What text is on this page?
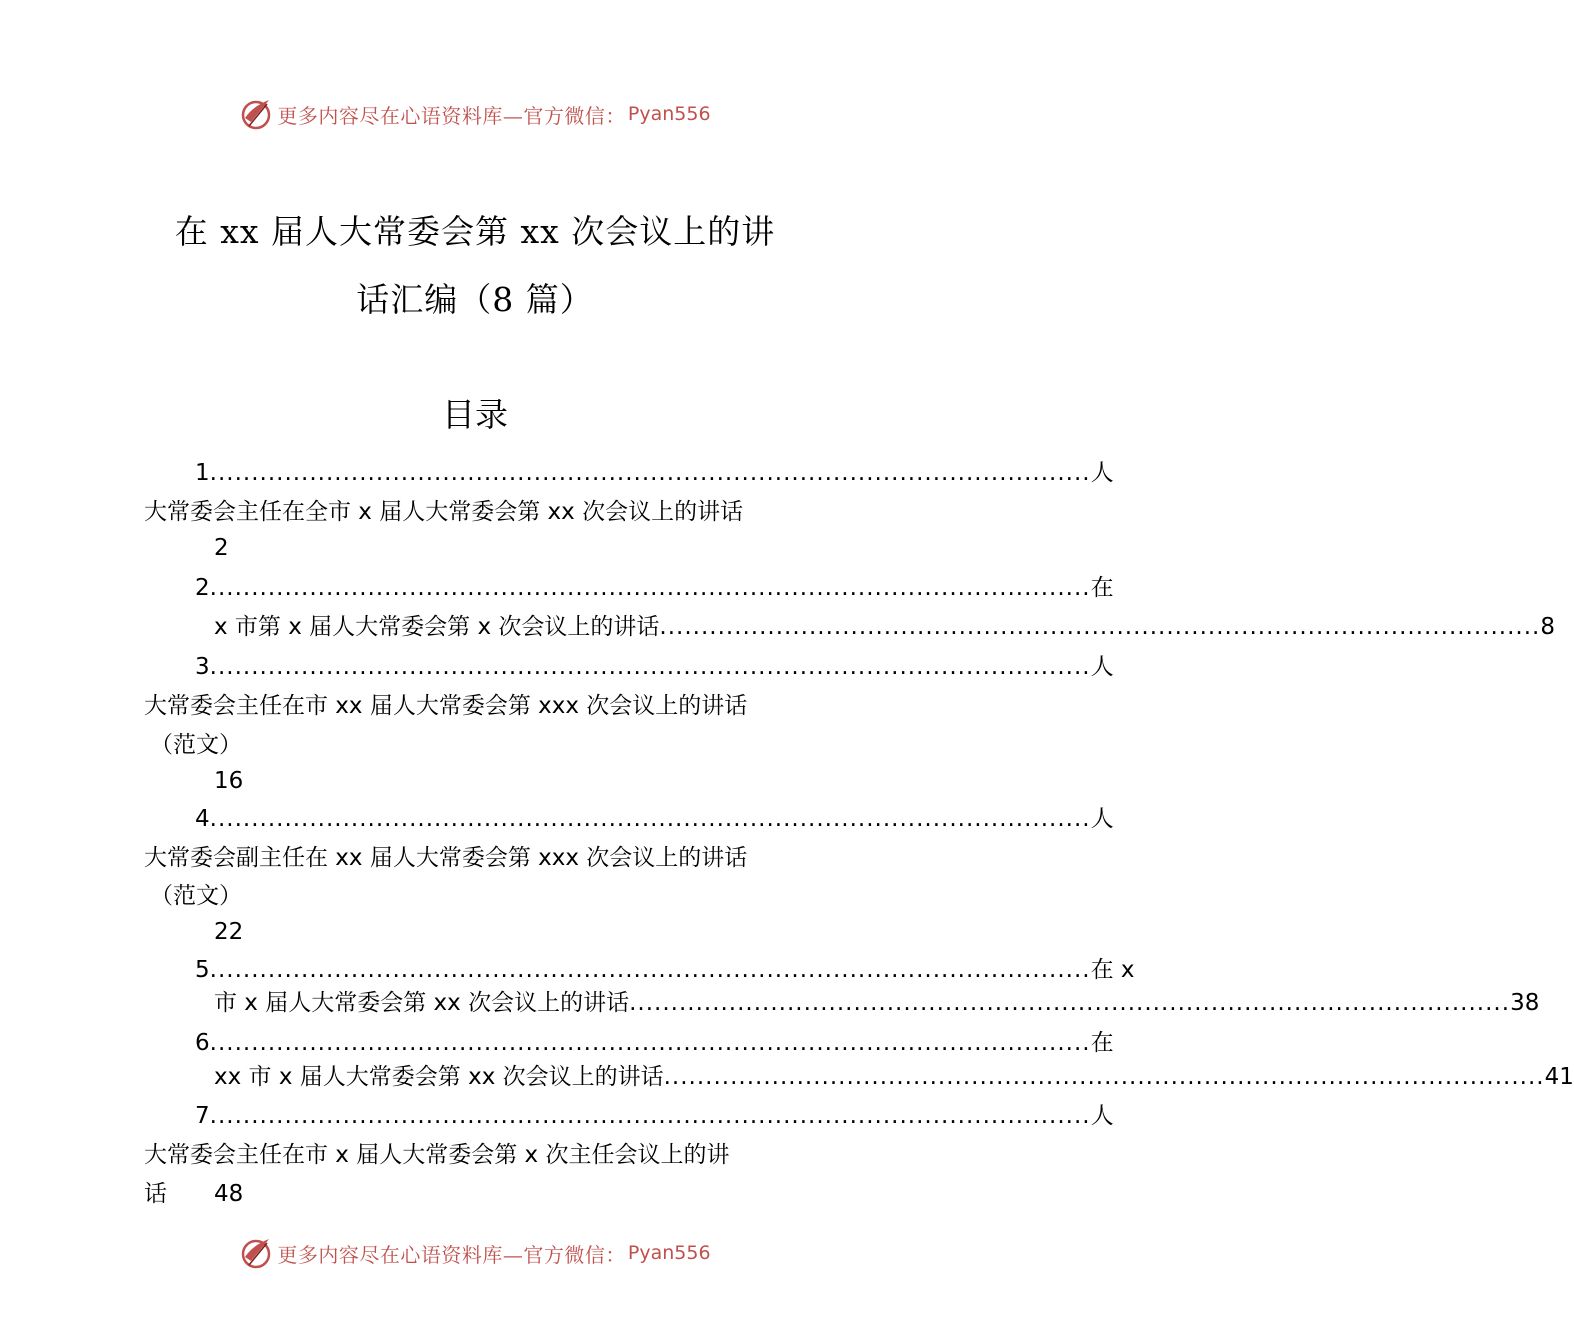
更多内容尽在心语资料库—官方微信： Pyan556
在 xx 届人大常委会第 xx 次会议上的讲
话汇编（8 篇）
目录
1 .......................................................................................................... 人
大常委会主任在全市 x 届人大常委会第 xx 次会议上的讲话
2
2 .......................................................................................................... 在
x 市第 x 届人大常委会第 x 次会议上的讲话 .......................................................................................................... 8
3 .......................................................................................................... 人
大常委会主任在市 xx 届人大常委会第 xxx 次会议上的讲话
（范文）
16
4 .......................................................................................................... 人
大常委会副主任在 xx 届人大常委会第 xxx 次会议上的讲话
（范文）
22
5 .......................................................................................................... 在 x
市 x 届人大常委会第 xx 次会议上的讲话 .......................................................................................................... 38
6 .......................................................................................................... 在
xx 市 x 届人大常委会第 xx 次会议上的讲话 .......................................................................................................... 41
7 .......................................................................................................... 人
大常委会主任在市 x 届人大常委会第 x 次主任会议上的讲
话 48
更多内容尽在心语资料库—官方微信： Pyan556
